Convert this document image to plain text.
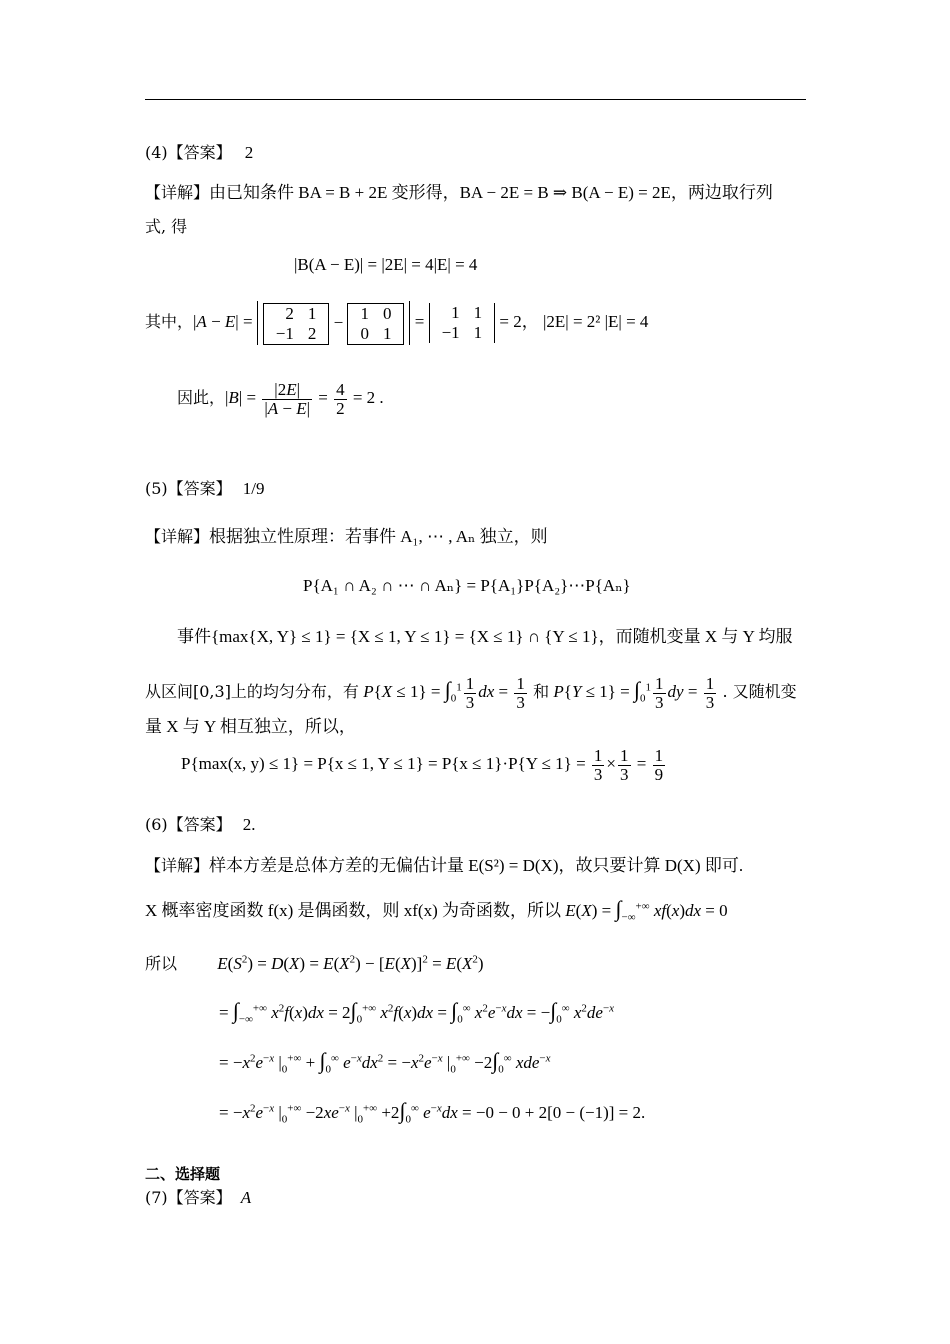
(4)【答案】 2
【详解】由已知条件 BA = B + 2E 变形得，BA − 2E = B ⇒ B(A − E) = 2E，两边取行列
式, 得
|B(A − E)| = |2E| = 4|E| = 4
其中，|A − E| = 2	1
−1	2
− 1	0
0	1
= 1	1
−1	1
= 2， |2E| = 2² |E| = 4
因此，$|B| = \frac{|2E|}{|A - E|} = \frac{4}{2} = 2$ .
(5)【答案】 1/9
【详解】根据独立性原理：若事件 A₁, ⋯ , Aₙ 独立，则
P{A₁ ∩ A₂ ∩ ⋯ ∩ Aₙ} = P{A₁}P{A₂}⋯P{Aₙ}
事件{max{X, Y} ≤ 1} = {X ≤ 1, Y ≤ 1} = {X ≤ 1} ∩ {Y ≤ 1}，而随机变量 X 与 Y 均服
从区间[0,3]上的均匀分布，有 $P\{X \le 1\} = \int_0^1 \frac{1}{3}$ dx = $\frac{1}{3}$ 和 $P\{Y \le 1\} = \int_0^1 \frac{1}{3}$ dy = $\frac{1}{3}$ . 又随机变
量 X 与 Y 相互独立，所以，
P{max(x, y) ≤ 1} = P{x ≤ 1, $Y \le 1\} = P\{x \le 1\}\cdot P\{Y \le 1\} = \frac{1}{3} \times \frac{1}{3} = \frac{1}{9}$
(6)【答案】 2.
【详解】样本方差是总体方差的无偏估计量 E(S²) = D(X)，故只要计算 D(X) 即可.
X 概率密度函数 f(x) 是偶函数，则 xf(x) 为奇函数，所以 $E(X) = \int_{-\infty}^{+\infty}$ xf(x)dx = 0
所以 $E(S^2) = D(X) = E(X^2) - [E(X)]^2 = E(X^2)$
= $\int_{-\infty}^{+\infty}$ $x^2f(x)dx = 2\int_0^{+\infty}$ $x^2f(x)dx = \int_0^\infty$ $x^2e^{-x}dx = -\int_0^\infty$ $x^2de^{-x}$
= $-x^2e^{-x}$ $|_0^{+\infty} + \int_0^\infty$ $e^{-x}dx^2 = -x^2e^{-x}$ $|_0^{+\infty} -2\int_0^\infty$ xde$^{-x}$
= $-x^2e^{-x}$ $|_0^{+\infty} -2xe^{-x}$ $|_0^{+\infty} +2\int_0^\infty$ $e^{-x}dx = -0 - 0 + 2[0 - (-1)] = 2$.
二、选择题
(7)【答案】 A
